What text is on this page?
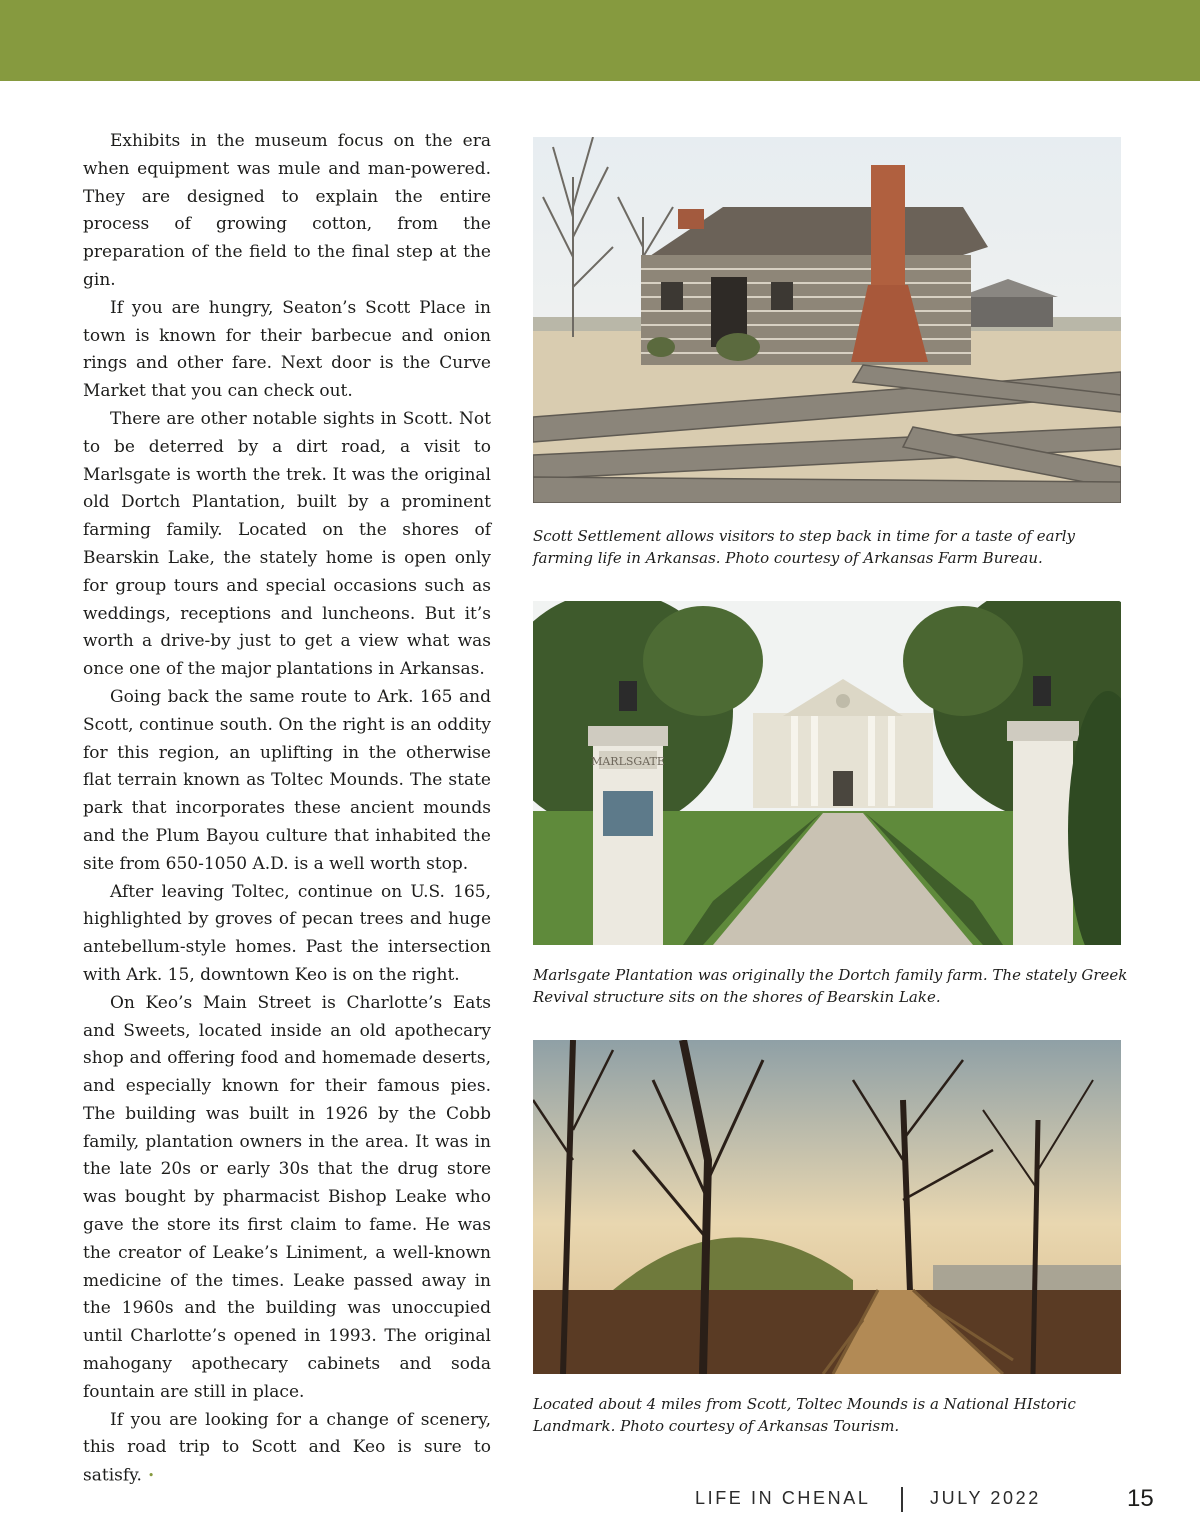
Exhibits in the museum focus on the era when equipment was mule and man-powered. They are designed to explain the entire process of growing cotton, from the preparation of the field to the final step at the gin.

If you are hungry, Seaton’s Scott Place in town is known for their barbecue and onion rings and other fare. Next door is the Curve Market that you can check out.

There are other notable sights in Scott. Not to be deterred by a dirt road, a visit to Marlsgate is worth the trek. It was the original old Dortch Plantation, built by a prominent farming family. Located on the shores of Bearskin Lake, the stately home is open only for group tours and special occasions such as weddings, receptions and luncheons. But it’s worth a drive-by just to get a view what was once one of the major plantations in Arkansas.

Going back the same route to Ark. 165 and Scott, continue south. On the right is an oddity for this region, an uplifting in the otherwise flat terrain known as Toltec Mounds. The state park that incorporates these ancient mounds and the Plum Bayou culture that inhabited the site from 650-1050 A.D. is a well worth stop.

After leaving Toltec, continue on U.S. 165, highlighted by groves of pecan trees and huge antebellum-style homes. Past the intersection with Ark. 15, downtown Keo is on the right.

On Keo’s Main Street is Charlotte’s Eats and Sweets, located inside an old apothecary shop and offering food and homemade deserts, and especially known for their famous pies. The building was built in 1926 by the Cobb family, plantation owners in the area. It was in the late 20s or early 30s that the drug store was bought by pharmacist Bishop Leake who gave the store its first claim to fame. He was the creator of Leake’s Liniment, a well-known medicine of the times. Leake passed away in the 1960s and the building was unoccupied until Charlotte’s opened in 1993. The original mahogany apothecary cabinets and soda fountain are still in place.

If you are looking for a change of scenery, this road trip to Scott and Keo is sure to satisfy. •

Scott Settlement allows visitors to step back in time for a taste of early farming life in Arkansas. Photo courtesy of Arkansas Farm Bureau.
MARLSGATE
Marlsgate Plantation was originally the Dortch family farm. The stately Greek Revival structure sits on the shores of Bearskin Lake.
Located about 4 miles from Scott, Toltec Mounds is a National HIstoric Landmark. Photo courtesy of Arkansas Tourism.
LIFE IN CHENAL	JULY 2022	15
